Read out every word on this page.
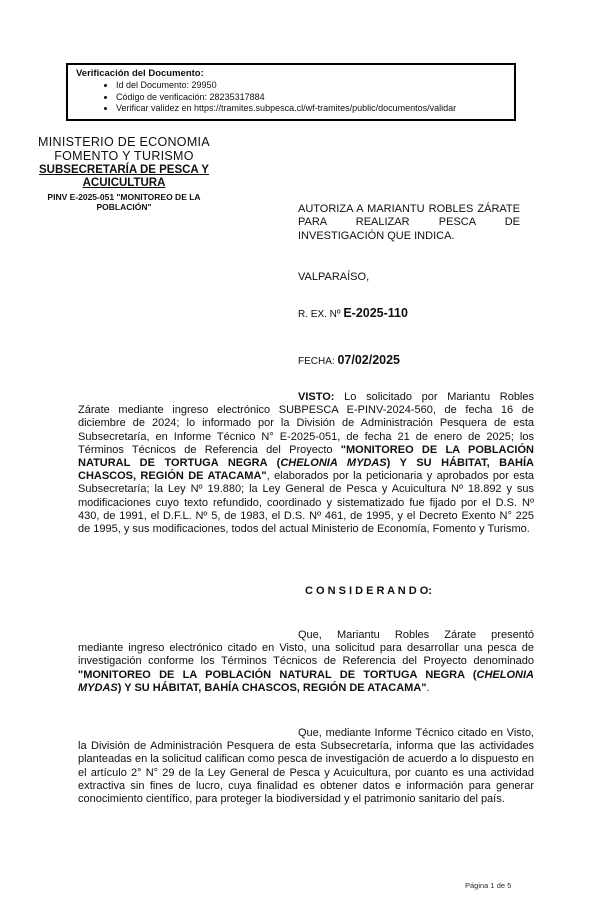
Verificación del Documento:
• Id del Documento: 29950
• Código de verificación: 28235317884
• Verificar validez en https://tramites.subpesca.cl/wf-tramites/public/documentos/validar
MINISTERIO DE ECONOMIA
FOMENTO Y TURISMO
SUBSECRETARÍA DE PESCA Y ACUICULTURA
PINV E-2025-051 "MONITOREO DE LA POBLACIÓN"	AUTORIZA A MARIANTU ROBLES ZÁRATE PARA REALIZAR PESCA DE INVESTIGACIÓN QUE INDICA.
VALPARAÍSO,
R. EX. Nº E-2025-110
FECHA: 07/02/2025
VISTO: Lo solicitado por Mariantu Robles Zárate mediante ingreso electrónico SUBPESCA E-PINV-2024-560, de fecha 16 de diciembre de 2024; lo informado por la División de Administración Pesquera de esta Subsecretaría, en Informe Técnico N° E-2025-051, de fecha 21 de enero de 2025; los Términos Técnicos de Referencia del Proyecto "MONITOREO DE LA POBLACIÓN NATURAL DE TORTUGA NEGRA (CHELONIA MYDAS) Y SU HÁBITAT, BAHÍA CHASCOS, REGIÓN DE ATACAMA", elaborados por la peticionaria y aprobados por esta Subsecretaría; la Ley Nº 19.880; la Ley General de Pesca y Acuicultura Nº 18.892 y sus modificaciones cuyo texto refundido, coordinado y sistematizado fue fijado por el D.S. Nº 430, de 1991, el D.F.L. Nº 5, de 1983, el D.S. Nº 461, de 1995, y el Decreto Exento N° 225 de 1995, y sus modificaciones, todos del actual Ministerio de Economía, Fomento y Turismo.
C O N S I D E R A N D O:
Que, Mariantu Robles Zárate presentó mediante ingreso electrónico citado en Visto, una solicitud para desarrollar una pesca de investigación conforme los Términos Técnicos de Referencia del Proyecto denominado "MONITOREO DE LA POBLACIÓN NATURAL DE TORTUGA NEGRA (CHELONIA MYDAS) Y SU HÁBITAT, BAHÍA CHASCOS, REGIÓN DE ATACAMA".
Que, mediante Informe Técnico citado en Visto, la División de Administración Pesquera de esta Subsecretaría, informa que las actividades planteadas en la solicitud califican como pesca de investigación de acuerdo a lo dispuesto en el artículo 2° N° 29 de la Ley General de Pesca y Acuicultura, por cuanto es una actividad extractiva sin fines de lucro, cuya finalidad es obtener datos e información para generar conocimiento científico, para proteger la biodiversidad y el patrimonio sanitario del país.
Página 1 de 5
